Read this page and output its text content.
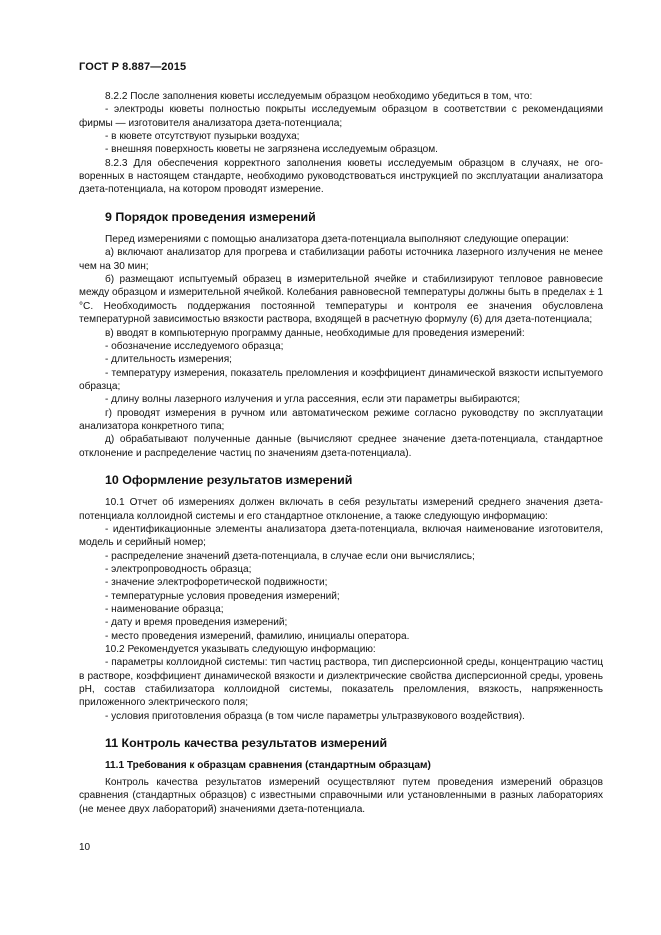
ГОСТ Р 8.887—2015

8.2.2 После заполнения кюветы исследуемым образцом необходимо убедиться в том, что:

- электроды кюветы полностью покрыты исследуемым образцом в соответствии с рекомендациями фирмы — изготовителя анализатора дзета-потенциала;

- в кювете отсутствуют пузырьки воздуха;

- внешняя поверхность кюветы не загрязнена исследуемым образцом.

8.2.3 Для обеспечения корректного заполнения кюветы исследуемым образцом в случаях, не оговоренных в настоящем стандарте, необходимо руководствоваться инструкцией по эксплуатации анализатора дзета-потенциала, на котором проводят измерение.

9 Порядок проведения измерений

Перед измерениями с помощью анализатора дзета-потенциала выполняют следующие операции:

а) включают анализатор для прогрева и стабилизации работы источника лазерного излучения не менее чем на 30 мин;

б) размещают испытуемый образец в измерительной ячейке и стабилизируют тепловое равновесие между образцом и измерительной ячейкой. Колебания равновесной температуры должны быть в пределах ± 1 °С. Необходимость поддержания постоянной температуры и контроля ее значения обусловлена температурной зависимостью вязкости раствора, входящей в расчетную формулу (6) для дзета-потенциала;

в) вводят в компьютерную программу данные, необходимые для проведения измерений:

- обозначение исследуемого образца;

- длительность измерения;

- температуру измерения, показатель преломления и коэффициент динамической вязкости испытуемого образца;

- длину волны лазерного излучения и угла рассеяния, если эти параметры выбираются;

г) проводят измерения в ручном или автоматическом режиме согласно руководству по эксплуатации анализатора конкретного типа;

д) обрабатывают полученные данные (вычисляют среднее значение дзета-потенциала, стандартное отклонение и распределение частиц по значениям дзета-потенциала).

10 Оформление результатов измерений

10.1 Отчет об измерениях должен включать в себя результаты измерений среднего значения дзета-потенциала коллоидной системы и его стандартное отклонение, а также следующую информацию:

- идентификационные элементы анализатора дзета-потенциала, включая наименование изготовителя, модель и серийный номер;

- распределение значений дзета-потенциала, в случае если они вычислялись;

- электропроводность образца;

- значение электрофоретической подвижности;

- температурные условия проведения измерений;

- наименование образца;

- дату и время проведения измерений;

- место проведения измерений, фамилию, инициалы оператора.

10.2 Рекомендуется указывать следующую информацию:

- параметры коллоидной системы: тип частиц раствора, тип дисперсионной среды, концентрацию частиц в растворе, коэффициент динамической вязкости и диэлектрические свойства дисперсионной среды, уровень рН, состав стабилизатора коллоидной системы, показатель преломления, вязкость, напряженность приложенного электрического поля;

- условия приготовления образца (в том числе параметры ультразвукового воздействия).

11 Контроль качества результатов измерений

11.1 Требования к образцам сравнения (стандартным образцам)

Контроль качества результатов измерений осуществляют путем проведения измерений образцов сравнения (стандартных образцов) с известными справочными или установленными в разных лабораториях (не менее двух лабораторий) значениями дзета-потенциала.

10
